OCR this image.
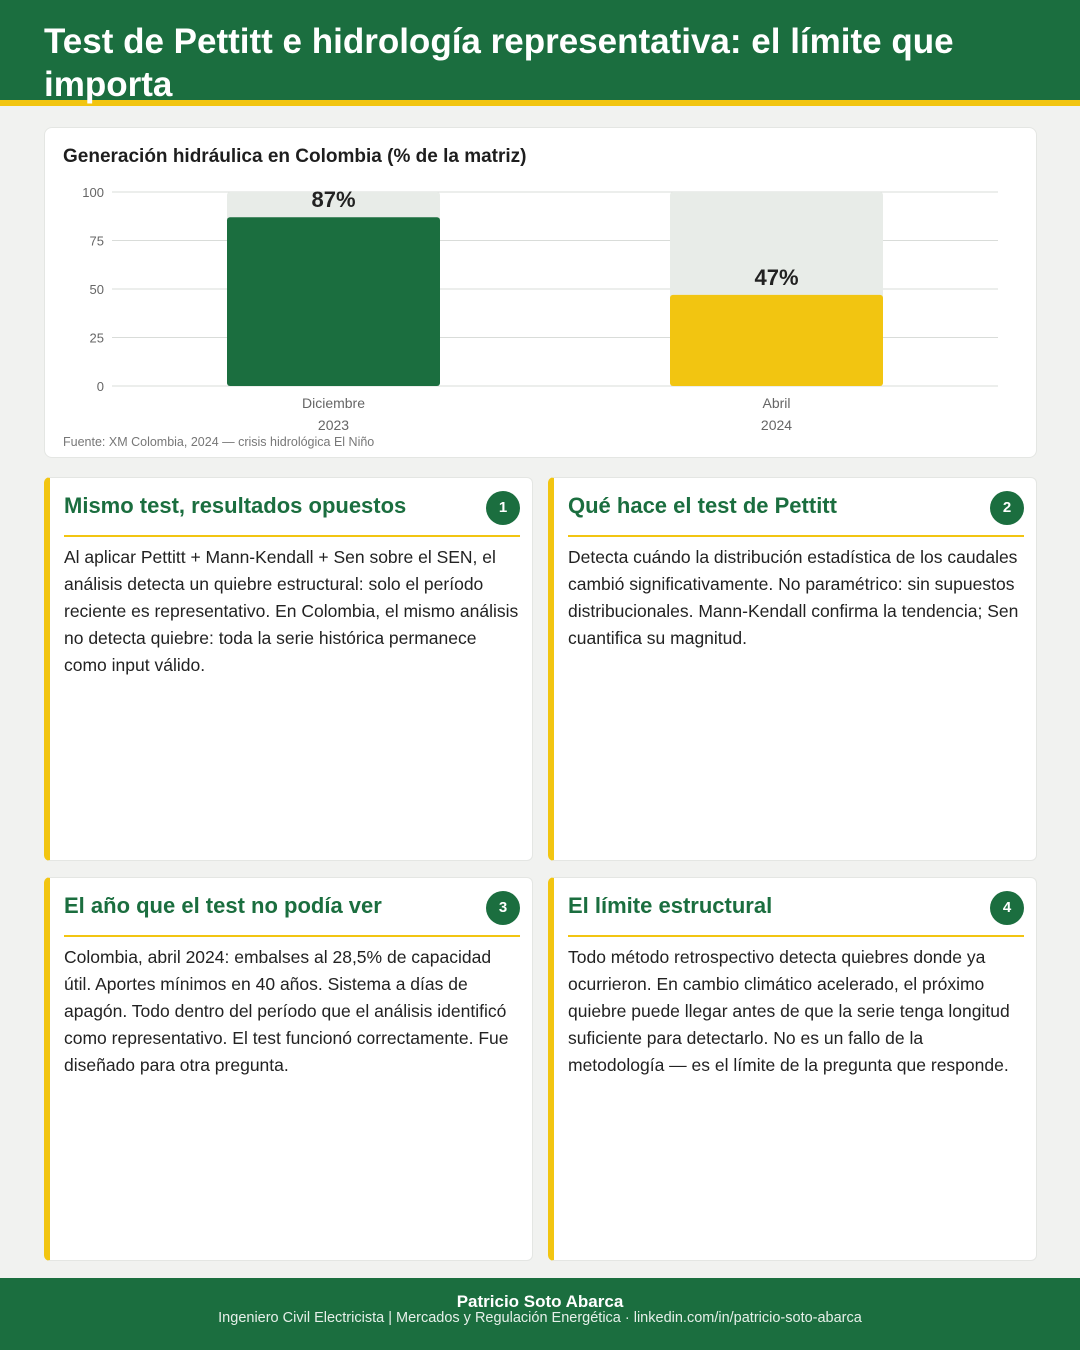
Test de Pettitt e hidrología representativa: el límite que importa
Generación hidráulica en Colombia (% de la matriz)
0
25
50
75
100	87%
Diciembre
2023
47%
Abril
2024
Fuente: XM Colombia, 2024 — crisis hidrológica El Niño
Mismo test, resultados opuestos	1
Al aplicar Pettitt + Mann-Kendall + Sen sobre el SEN, el análisis detecta un quiebre estructural: solo el período reciente es representativo. En Colombia, el mismo análisis no detecta quiebre: toda la serie histórica permanece como input válido.
Qué hace el test de Pettitt	2
Detecta cuándo la distribución estadística de los caudales cambió significativamente. No paramétrico: sin supuestos distribucionales. Mann-Kendall confirma la tendencia; Sen cuantifica su magnitud.
El año que el test no podía ver	3
Colombia, abril 2024: embalses al 28,5% de capacidad útil. Aportes mínimos en 40 años. Sistema a días de apagón. Todo dentro del período que el análisis identificó como representativo. El test funcionó correctamente. Fue diseñado para otra pregunta.
El límite estructural	4
Todo método retrospectivo detecta quiebres donde ya ocurrieron. En cambio climático acelerado, el próximo quiebre puede llegar antes de que la serie tenga longitud suficiente para detectarlo. No es un fallo de la metodología — es el límite de la pregunta que responde.
Patricio Soto Abarca
Ingeniero Civil Electricista | Mercados y Regulación Energética · linkedin.com/in/patricio-soto-abarca
